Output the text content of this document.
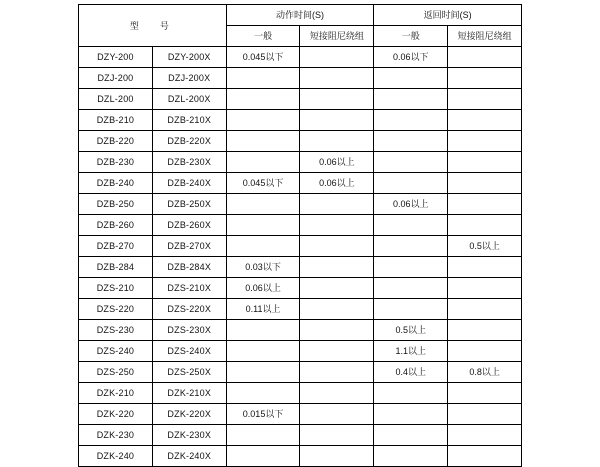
型　号		动作时间(S)		返回时间(S)	
		一般	短接阻尼绕组	一般	短接阻尼绕组
DZY-200	DZY-200X	0.045以下		0.06以下	
DZJ-200	DZJ-200X				
DZL-200	DZL-200X				
DZB-210	DZB-210X				
DZB-220	DZB-220X				
DZB-230	DZB-230X		0.06以上		
DZB-240	DZB-240X	0.045以下	0.06以上		
DZB-250	DZB-250X			0.06以上	
DZB-260	DZB-260X				
DZB-270	DZB-270X				0.5以上
DZB-284	DZB-284X	0.03以下			
DZS-210	DZS-210X	0.06以上			
DZS-220	DZS-220X	0.11以上			
DZS-230	DZS-230X			0.5以上	
DZS-240	DZS-240X			1.1以上	
DZS-250	DZS-250X			0.4以上	0.8以上
DZK-210	DZK-210X				
DZK-220	DZK-220X	0.015以下			
DZK-230	DZK-230X				
DZK-240	DZK-240X				
